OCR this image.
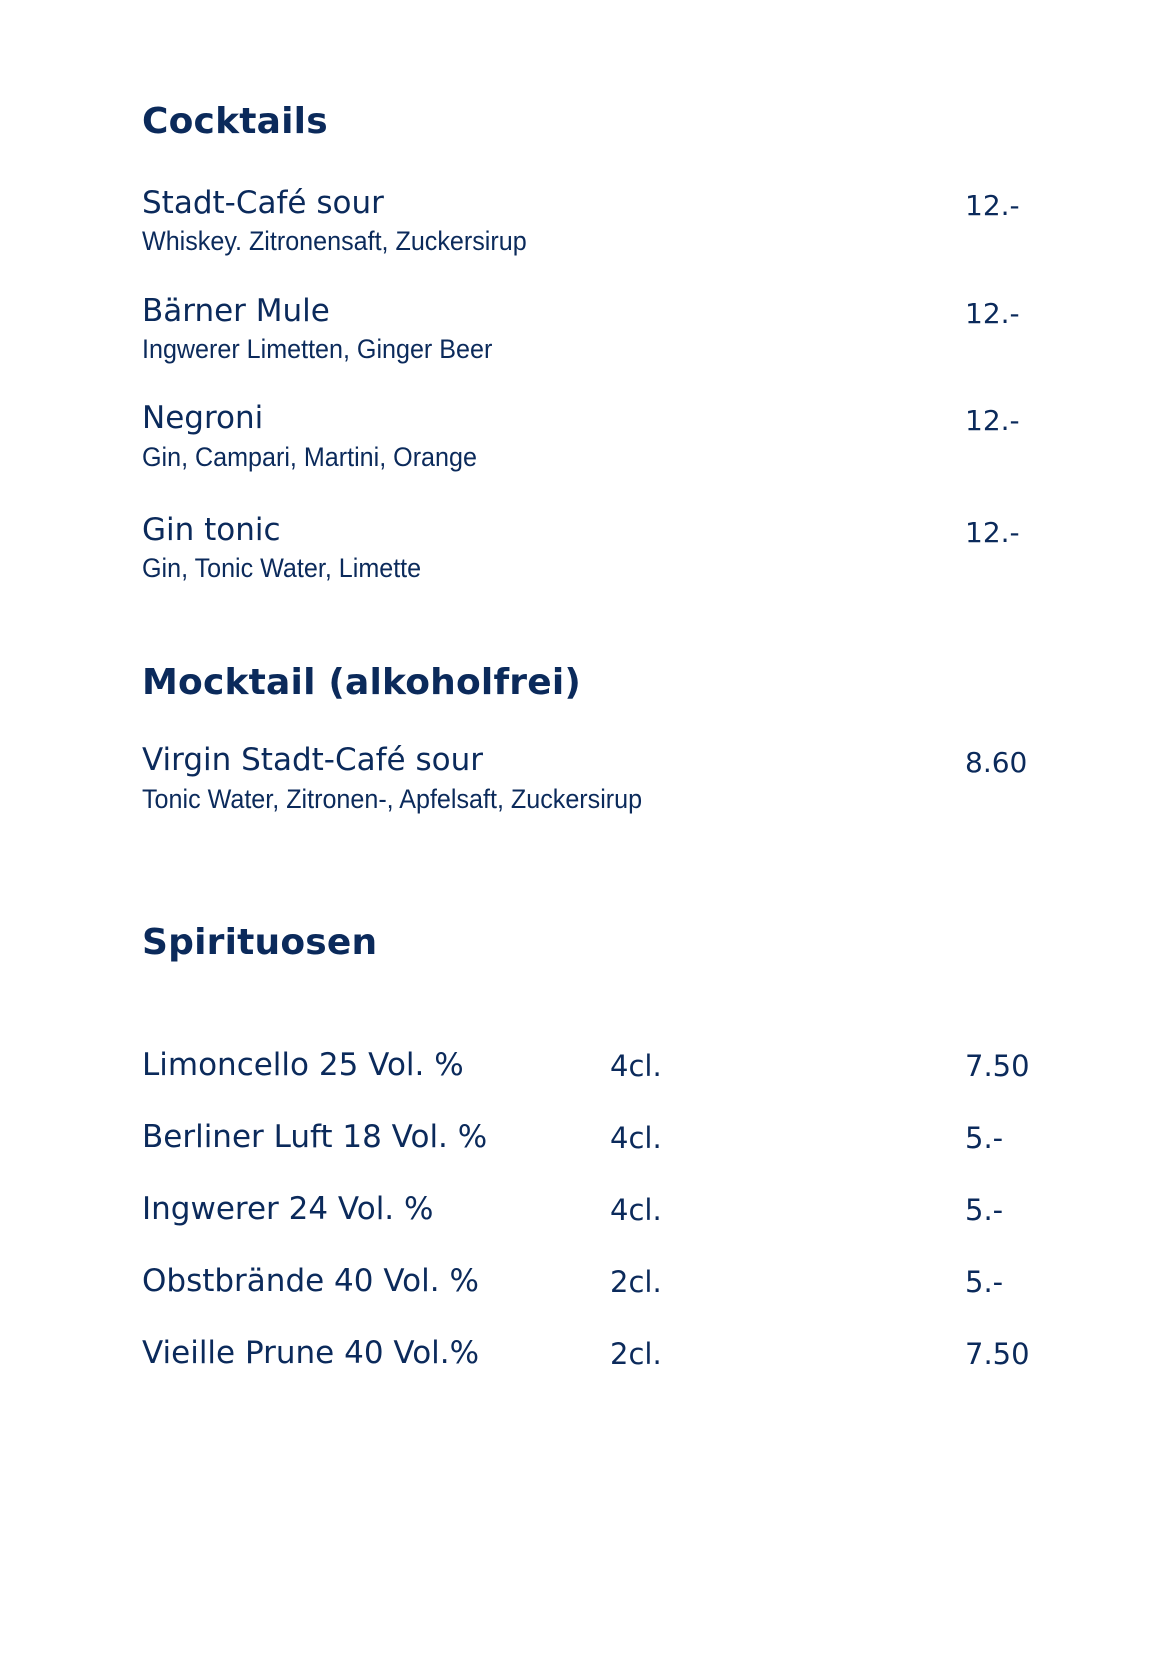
Cocktails
Stadt-Café sour
Whiskey. Zitronensaft, Zuckersirup
12.-
Bärner Mule
Ingwerer Limetten, Ginger Beer
12.-
Negroni
Gin, Campari, Martini, Orange
12.-
Gin tonic
Gin, Tonic Water, Limette
12.-
Mocktail (alkoholfrei)
Virgin Stadt-Café sour
Tonic Water, Zitronen-, Apfelsaft, Zuckersirup
8.60
Spirituosen
Limoncello 25 Vol. %	4cl.	7.50
Berliner Luft 18 Vol. %	4cl.	5.-
Ingwerer 24 Vol. %	4cl.	5.-
Obstbrände 40 Vol. %	2cl.	5.-
Vieille Prune 40 Vol.%	2cl.	7.50
